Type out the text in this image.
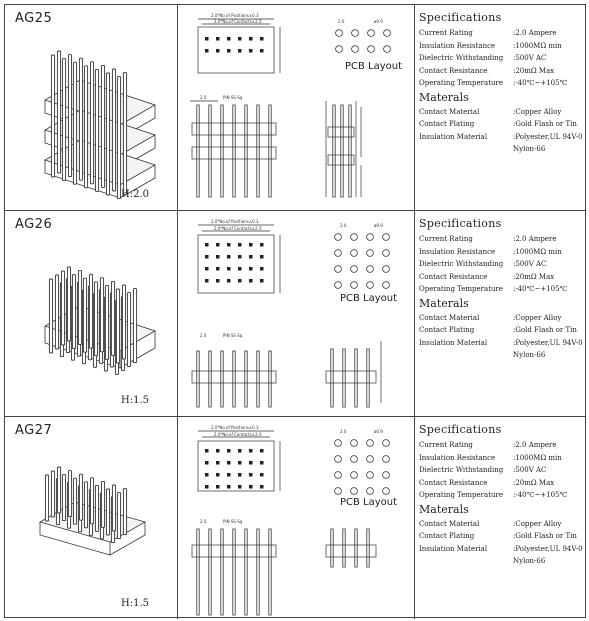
AG25
H:2.0
2.0*No.of Positions±0.3
2.0*No.of Contacts±2.0
2.0	PIN SS Sq
2.0	ø0.9
PCB Layout
Specifications
Current Rating	:2.0 Ampere
Insulation Resistance	:1000MΩ min
Dielectric Withstanding	:500V AC
Contact Resistance	:20mΩ Max
Operating Temperature	:-40℃~+105℃
Materals
Contact Material	:Copper Alloy
Contact Plating	:Gold Flash or Tin
Insulation Material	:Polyester,UL 94V-0
Nylon-66
AG26
H:1.5
2.0*No.of Positions±0.3
2.0*No.of Contacts±2.0
2.0	PIN SS Sq
2.0	ø0.9
PCB Layout
Specifications
Current Rating	:2.0 Ampere
Insulation Resistance	:1000MΩ min
Dielectric Withstanding	:500V AC
Contact Resistance	:20mΩ Max
Operating Temperature	:-40℃~+105℃
Materals
Contact Material	:Copper Alloy
Contact Plating	:Gold Flash or Tin
Insulation Material	:Polyester,UL 94V-0
Nylon-66
AG27
H:1.5
2.0*No.of Positions±0.3
2.0*No.of Contacts±2.0
2.0	PIN SS Sq
2.0	ø0.9
PCB Layout
Specifications
Current Rating	:2.0 Ampere
Insulation Resistance	:1000MΩ min
Dielectric Withstanding	:500V AC
Contact Resistance	:20mΩ Max
Operating Temperature	:-40℃~+105℃
Materals
Contact Material	:Copper Alloy
Contact Plating	:Gold Flash or Tin
Insulation Material	:Polyester,UL 94V-0
Nylon-66
